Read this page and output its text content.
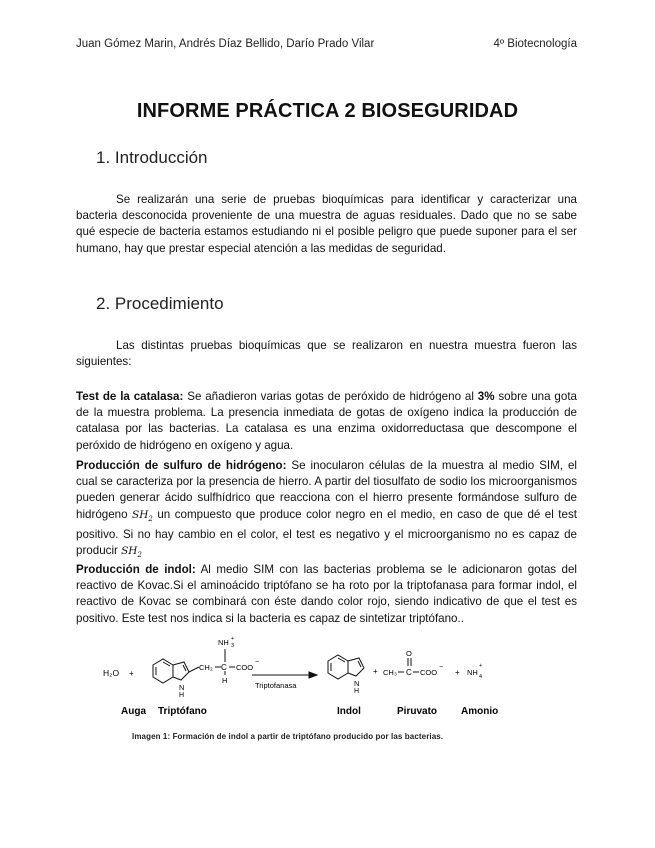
Juan Gómez Marin, Andrés Díaz Bellido, Darío Prado Vilar	4º Biotecnología
INFORME PRÁCTICA 2 BIOSEGURIDAD
1. Introducción

Se realizarán una serie de pruebas bioquímicas para identificar y caracterizar una bacteria desconocida proveniente de una muestra de aguas residuales. Dado que no se sabe qué especie de bacteria estamos estudiando ni el posible peligro que puede suponer para el ser humano, hay que prestar especial atención a las medidas de seguridad.

2. Procedimiento

Las distintas pruebas bioquímicas que se realizaron en nuestra muestra fueron las siguientes:

Test de la catalasa: Se añadieron varias gotas de peróxido de hidrógeno al 3% sobre una gota de la muestra problema. La presencia inmediata de gotas de oxígeno indica la producción de catalasa por las bacterias. La catalasa es una enzima oxidorreductasa que descompone el peróxido de hidrógeno en oxígeno y agua.

Producción de sulfuro de hidrógeno: Se inocularon células de la muestra al medio SIM, el cual se caracteriza por la presencia de hierro. A partir del tiosulfato de sodio los microorganismos pueden generar ácido sulfhídrico que reacciona con el hierro presente formándose sulfuro de hidrógeno $SH_2$ un compuesto que produce color negro en el medio, en caso de que dé el test positivo. Si no hay cambio en el color, el test es negativo y el microorganismo no es capaz de producir $SH_2$

Producción de indol: Al medio SIM con las bacterias problema se le adicionaron gotas del reactivo de Kovac.Si el aminoácido triptófano se ha roto por la triptofanasa para formar indol, el reactivo de Kovac se combinará con éste dando color rojo, siendo indicativo de que el test es positivo. Este test nos indica si la bacteria es capaz de sintetizar triptófano..

H₂O +
N
H
CH₂ C
NH +
3
H
COO
−
Triptofanasa	N
H
+ CH₃ C
O
COO
−
+ NH 4
+
Auga Triptófano	Indol	Piruvato Amonio
Imagen 1: Formación de indol a partir de triptófano producido por las bacterias.
